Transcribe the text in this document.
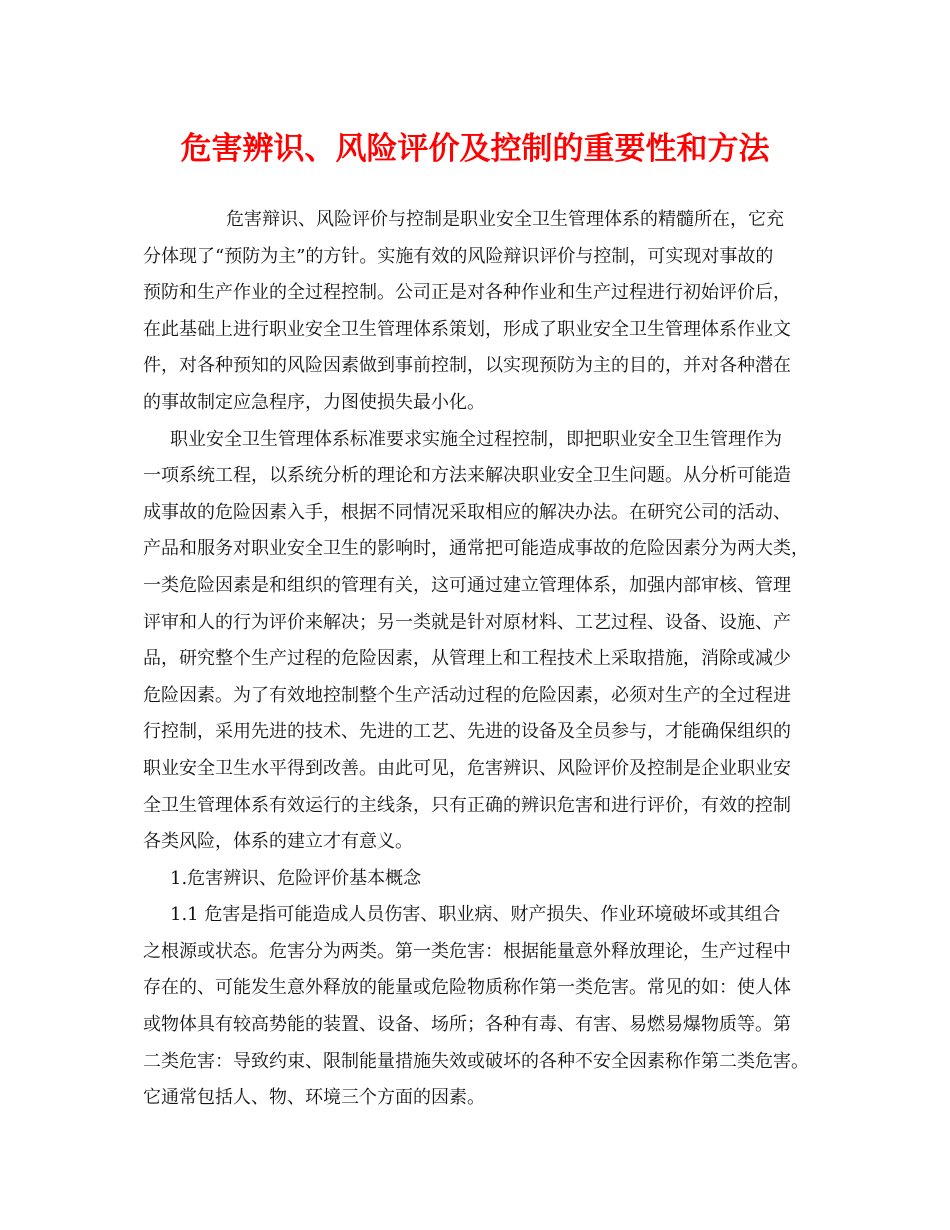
危害辨识、风险评价及控制的重要性和方法
危害辩识、风险评价与控制是职业安全卫生管理体系的精髓所在，它充
分体现了“预防为主”的方针。实施有效的风险辩识评价与控制，可实现对事故的
预防和生产作业的全过程控制。公司正是对各种作业和生产过程进行初始评价后，
在此基础上进行职业安全卫生管理体系策划，形成了职业安全卫生管理体系作业文
件，对各种预知的风险因素做到事前控制，以实现预防为主的目的，并对各种潜在
的事故制定应急程序，力图使损失最小化。
职业安全卫生管理体系标准要求实施全过程控制，即把职业安全卫生管理作为
一项系统工程，以系统分析的理论和方法来解决职业安全卫生问题。从分析可能造
成事故的危险因素入手，根据不同情况采取相应的解决办法。在研究公司的活动、
产品和服务对职业安全卫生的影响时，通常把可能造成事故的危险因素分为两大类，
一类危险因素是和组织的管理有关，这可通过建立管理体系，加强内部审核、管理
评审和人的行为评价来解决；另一类就是针对原材料、工艺过程、设备、设施、产
品，研究整个生产过程的危险因素，从管理上和工程技术上采取措施，消除或减少
危险因素。为了有效地控制整个生产活动过程的危险因素，必须对生产的全过程进
行控制，采用先进的技术、先进的工艺、先进的设备及全员参与，才能确保组织的
职业安全卫生水平得到改善。由此可见，危害辨识、风险评价及控制是企业职业安
全卫生管理体系有效运行的主线条，只有正确的辨识危害和进行评价，有效的控制
各类风险，体系的建立才有意义。
1.危害辨识、危险评价基本概念
1.1 危害是指可能造成人员伤害、职业病、财产损失、作业环境破坏或其组合
之根源或状态。危害分为两类。第一类危害：根据能量意外释放理论，生产过程中
存在的、可能发生意外释放的能量或危险物质称作第一类危害。常见的如：使人体
或物体具有较高势能的装置、设备、场所；各种有毒、有害、易燃易爆物质等。第
二类危害：导致约束、限制能量措施失效或破坏的各种不安全因素称作第二类危害。
它通常包括人、物、环境三个方面的因素。
